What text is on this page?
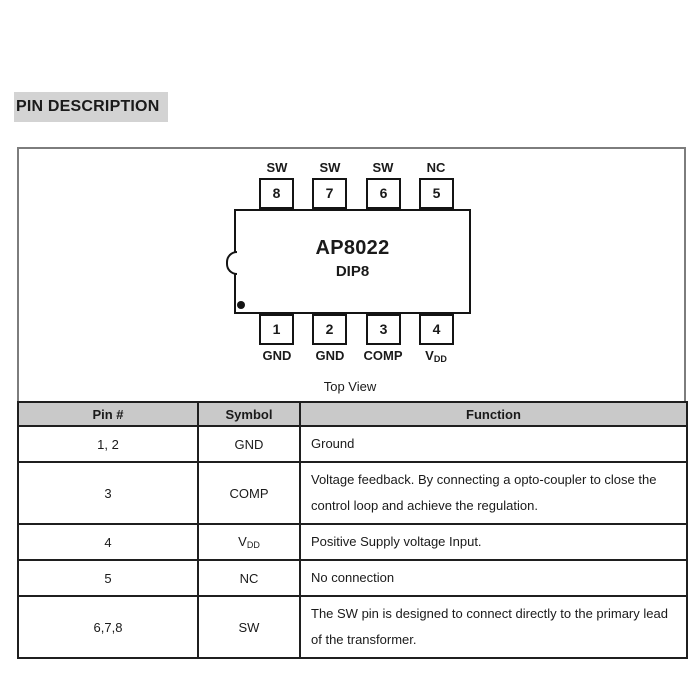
PIN DESCRIPTION
SW	SW	SW	NC
8	7	6	5
AP8022
DIP8
1	2	3	4
GND	GND	COMP	$V_{DD}$
Top View
Pin #	Symbol	Function
1, 2	GND	Ground
3	COMP	Voltage feedback. By connecting a opto-coupler to close the control loop and achieve the regulation.
4	$V_{DD}$	Positive Supply voltage Input.
5	NC	No connection
6,7,8	SW	The SW pin is designed to connect directly to the primary lead of the transformer.
